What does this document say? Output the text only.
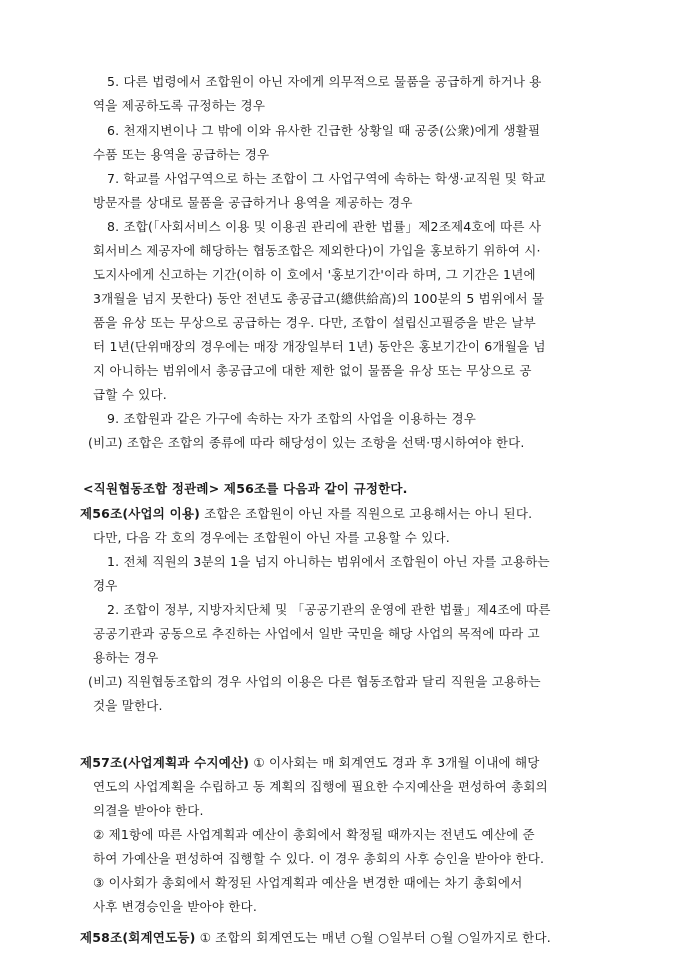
5. 다른 법령에서 조합원이 아닌 자에게 의무적으로 물품을 공급하게 하거나 용
역을 제공하도록 규정하는 경우
6. 천재지변이나 그 밖에 이와 유사한 긴급한 상황일 때 공중(公衆)에게 생활필
수품 또는 용역을 공급하는 경우
7. 학교를 사업구역으로 하는 조합이 그 사업구역에 속하는 학생·교직원 및 학교
방문자를 상대로 물품을 공급하거나 용역을 제공하는 경우
8. 조합(「사회서비스 이용 및 이용권 관리에 관한 법률」제2조제4호에 따른 사
회서비스 제공자에 해당하는 협동조합은 제외한다)이 가입을 홍보하기 위하여 시·
도지사에게 신고하는 기간(이하 이 호에서 '홍보기간'이라 하며, 그 기간은 1년에
3개월을 넘지 못한다) 동안 전년도 총공급고(總供給高)의 100분의 5 범위에서 물
품을 유상 또는 무상으로 공급하는 경우. 다만, 조합이 설립신고필증을 받은 날부
터 1년(단위매장의 경우에는 매장 개장일부터 1년) 동안은 홍보기간이 6개월을 넘
지 아니하는 범위에서 총공급고에 대한 제한 없이 물품을 유상 또는 무상으로 공
급할 수 있다.
9. 조합원과 같은 가구에 속하는 자가 조합의 사업을 이용하는 경우
(비고) 조합은 조합의 종류에 따라 해당성이 있는 조항을 선택·명시하여야 한다.
<직원협동조합 정관례> 제56조를 다음과 같이 규정한다.
제56조(사업의 이용) 조합은 조합원이 아닌 자를 직원으로 고용해서는 아니 된다.
다만, 다음 각 호의 경우에는 조합원이 아닌 자를 고용할 수 있다.
1. 전체 직원의 3분의 1을 넘지 아니하는 범위에서 조합원이 아닌 자를 고용하는
경우
2. 조합이 정부, 지방자치단체 및 「공공기관의 운영에 관한 법률」제4조에 따른
공공기관과 공동으로 추진하는 사업에서 일반 국민을 해당 사업의 목적에 따라 고
용하는 경우
(비고) 직원협동조합의 경우 사업의 이용은 다른 협동조합과 달리 직원을 고용하는
것을 말한다.
제57조(사업계획과 수지예산) ① 이사회는 매 회계연도 경과 후 3개월 이내에 해당
연도의 사업계획을 수립하고 동 계획의 집행에 필요한 수지예산을 편성하여 총회의
의결을 받아야 한다.
② 제1항에 따른 사업계획과 예산이 총회에서 확정될 때까지는 전년도 예산에 준
하여 가예산을 편성하여 집행할 수 있다. 이 경우 총회의 사후 승인을 받아야 한다.
③ 이사회가 총회에서 확정된 사업계획과 예산을 변경한 때에는 차기 총회에서
사후 변경승인을 받아야 한다.
제58조(회계연도등) ① 조합의 회계연도는 매년 ○월 ○일부터 ○월 ○일까지로 한다.
